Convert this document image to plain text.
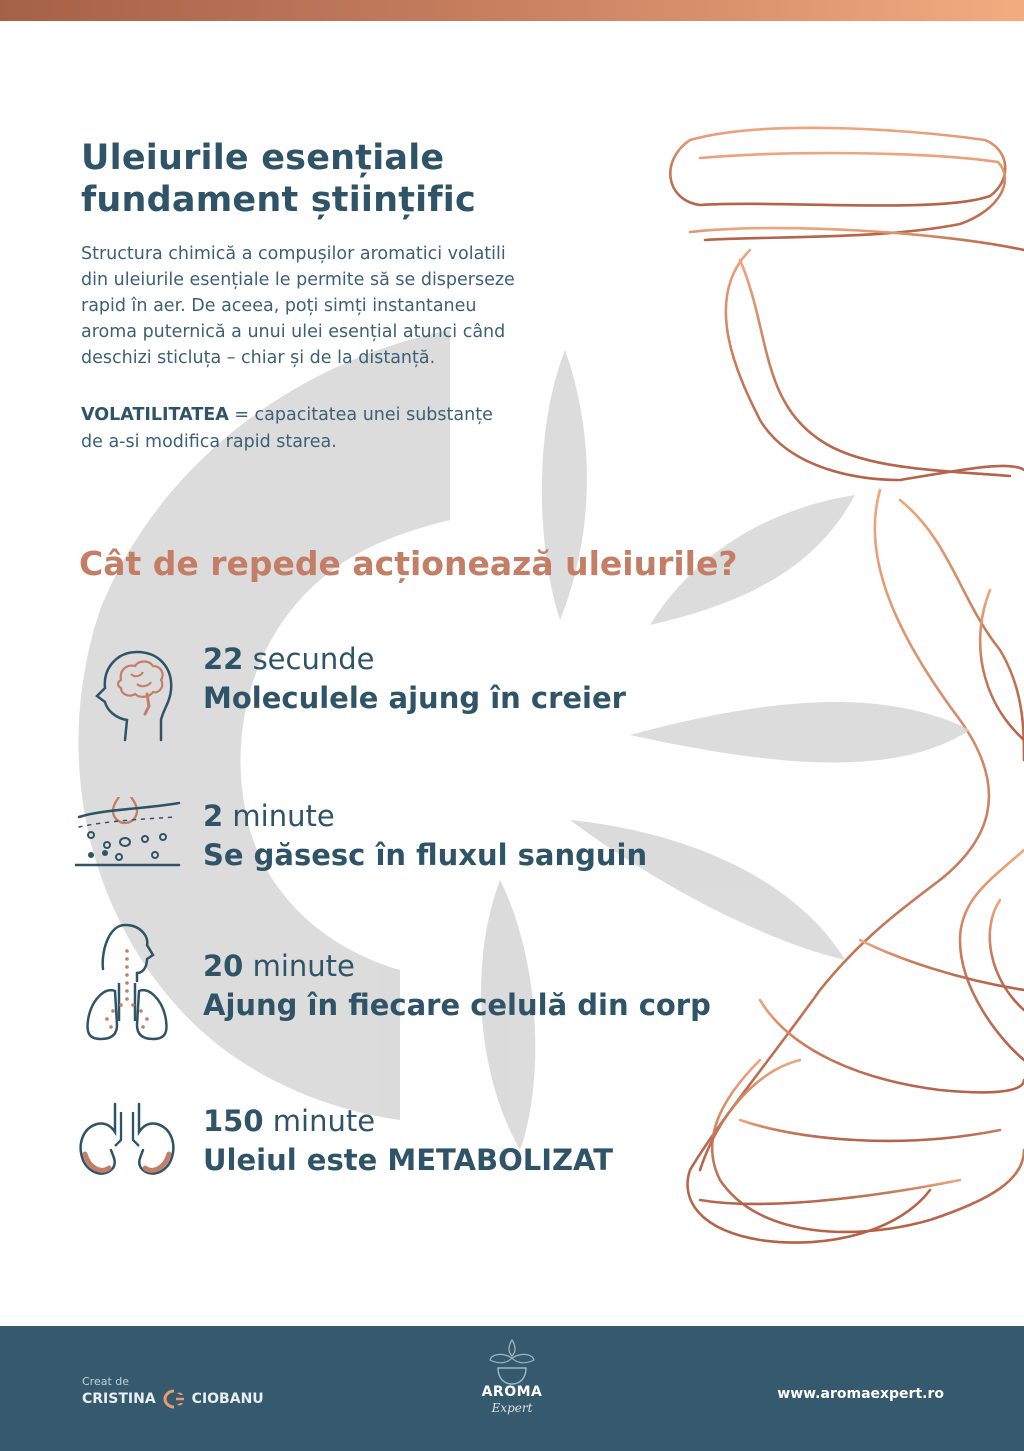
Uleiurile esențiale
fundament științific

Structura chimică a compușilor aromatici volatili
din uleiurile esențiale le permite să se disperseze
rapid în aer. De aceea, poți simți instantaneu
aroma puternică a unui ulei esențial atunci când
deschizi sticluța – chiar și de la distanță.

VOLATILITATEA = capacitatea unei substanțe
de a-si modifica rapid starea.

Cât de repede acționează uleiurile?

22 secunde

Moleculele ajung în creier

2 minute

Se găsesc în fluxul sanguin

20 minute

Ajung în fiecare celulă din corp

150 minute

Uleiul este METABOLIZAT

Creat de
CRISTINA	CIOBANU	AROMA
Expert
www.aromaexpert.ro
